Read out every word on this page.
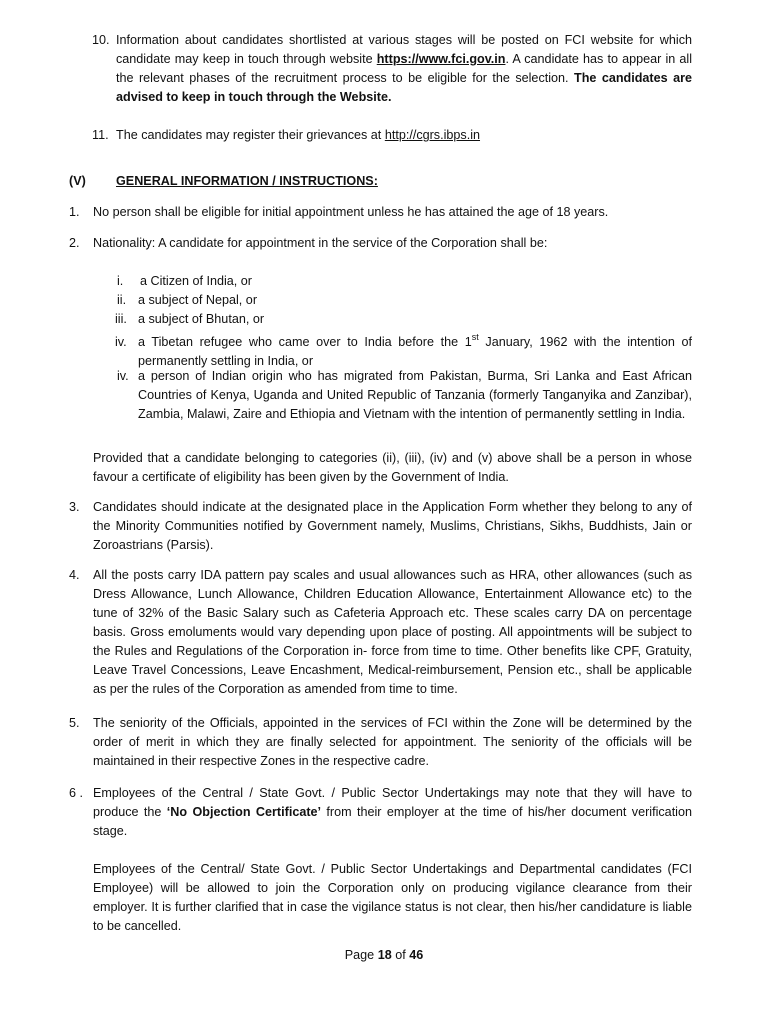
10. Information about candidates shortlisted at various stages will be posted on FCI website for which candidate may keep in touch through website https://www.fci.gov.in. A candidate has to appear in all the relevant phases of the recruitment process to be eligible for the selection. The candidates are advised to keep in touch through the Website.
11. The candidates may register their grievances at http://cgrs.ibps.in
(V) GENERAL INFORMATION / INSTRUCTIONS:
1. No person shall be eligible for initial appointment unless he has attained the age of 18 years.
2. Nationality: A candidate for appointment in the service of the Corporation shall be:
i. a Citizen of India, or
ii. a subject of Nepal, or
iii. a subject of Bhutan, or
iv. a Tibetan refugee who came over to India before the 1st January, 1962 with the intention of permanently settling in India, or
iv. a person of Indian origin who has migrated from Pakistan, Burma, Sri Lanka and East African Countries of Kenya, Uganda and United Republic of Tanzania (formerly Tanganyika and Zanzibar), Zambia, Malawi, Zaire and Ethiopia and Vietnam with the intention of permanently settling in India.
Provided that a candidate belonging to categories (ii), (iii), (iv) and (v) above shall be a person in whose favour a certificate of eligibility has been given by the Government of India.
3. Candidates should indicate at the designated place in the Application Form whether they belong to any of the Minority Communities notified by Government namely, Muslims, Christians, Sikhs, Buddhists, Jain or Zoroastrians (Parsis).
4. All the posts carry IDA pattern pay scales and usual allowances such as HRA, other allowances (such as Dress Allowance, Lunch Allowance, Children Education Allowance, Entertainment Allowance etc) to the tune of 32% of the Basic Salary such as Cafeteria Approach etc. These scales carry DA on percentage basis. Gross emoluments would vary depending upon place of posting. All appointments will be subject to the Rules and Regulations of the Corporation in- force from time to time. Other benefits like CPF, Gratuity, Leave Travel Concessions, Leave Encashment, Medical-reimbursement, Pension etc., shall be applicable as per the rules of the Corporation as amended from time to time.
5. The seniority of the Officials, appointed in the services of FCI within the Zone will be determined by the order of merit in which they are finally selected for appointment. The seniority of the officials will be maintained in their respective Zones in the respective cadre.
6 . Employees of the Central / State Govt. / Public Sector Undertakings may note that they will have to produce the ‘No Objection Certificate’ from their employer at the time of his/her document verification stage.
Employees of the Central/ State Govt. / Public Sector Undertakings and Departmental candidates (FCI Employee) will be allowed to join the Corporation only on producing vigilance clearance from their employer. It is further clarified that in case the vigilance status is not clear, then his/her candidature is liable to be cancelled.
Page 18 of 46
